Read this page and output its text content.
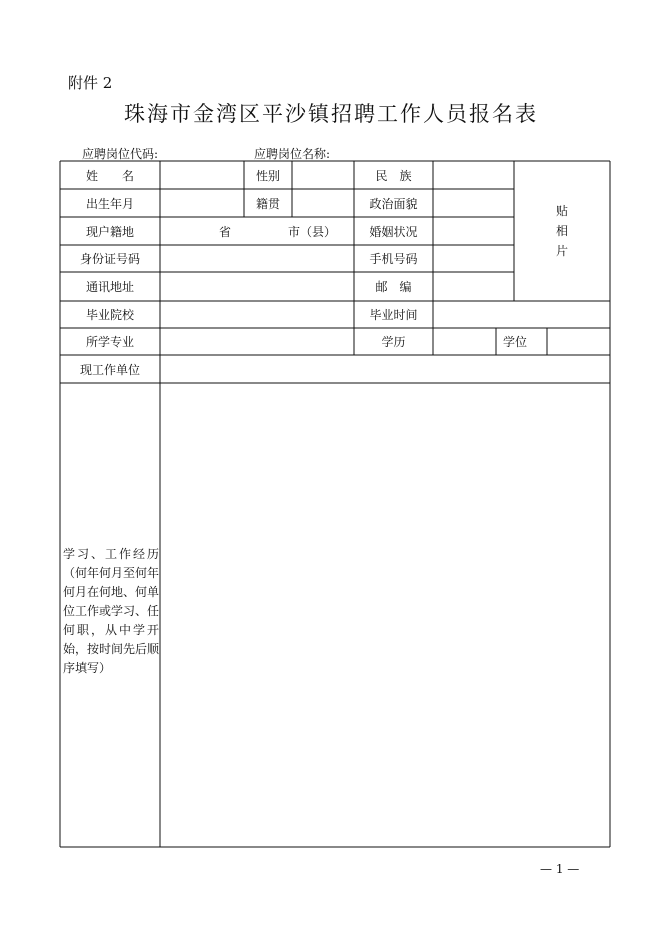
附件 2
珠海市金湾区平沙镇招聘工作人员报名表
应聘岗位代码:	应聘岗位名称:
姓　　名	性别	民　族
出生年月	籍贯	政治面貌
现户籍地	省	市（县）	婚姻状况
身份证号码	手机号码
通讯地址	邮　编
贴
相
片
毕业院校	毕业时间
所学专业	学历	学位
现工作单位
学习、工作经历（何年何月至何年何月在何地、何单位工作或学习、任何职，从中学开始，按时间先后顺序填写）
— 1 —
